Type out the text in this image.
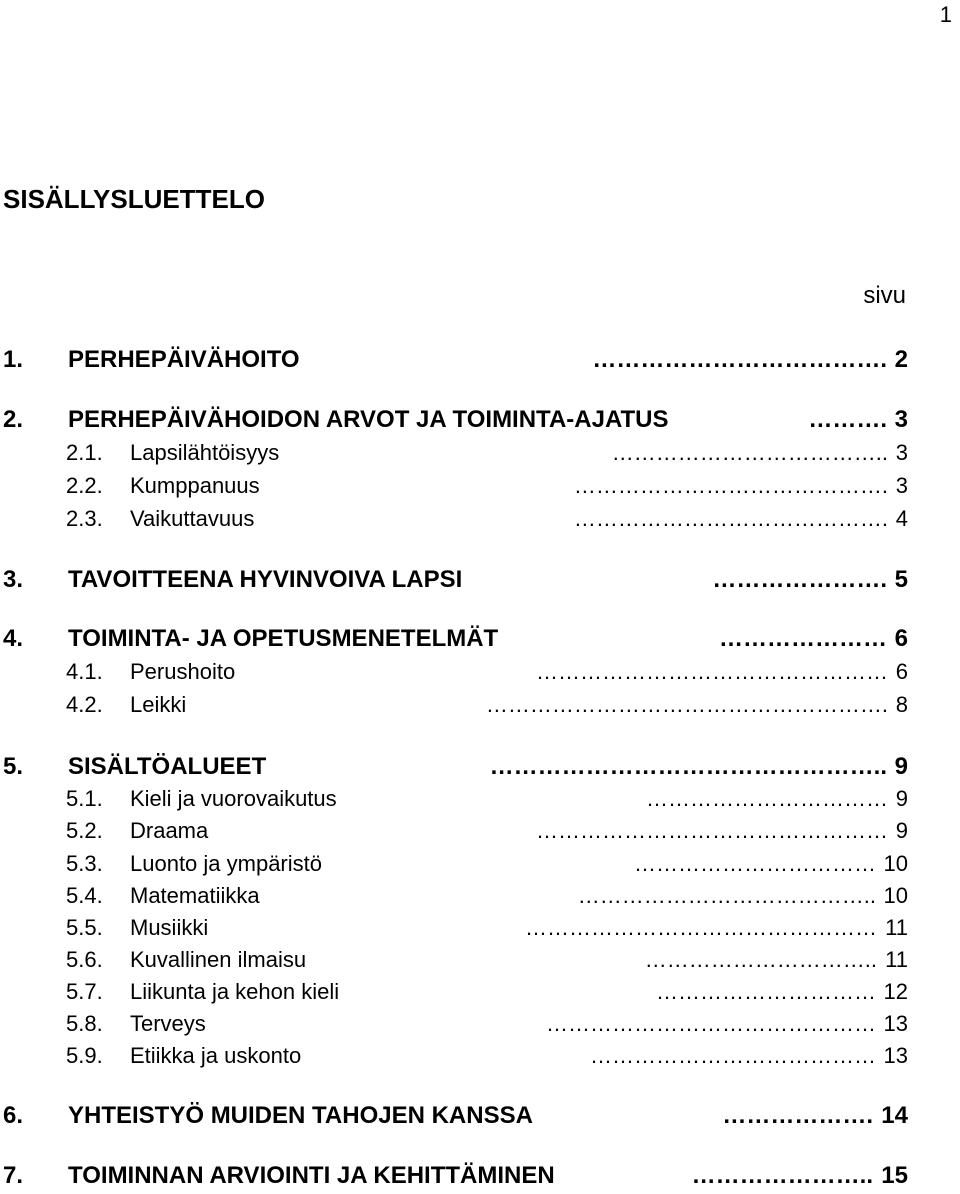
1
SISÄLLYSLUETTELO
sivu
1. PERHEPÄIVÄHOITO	………………………………. 2
2. PERHEPÄIVÄHOIDON ARVOT JA TOIMINTA-AJATUS	………. 3
2.1. Lapsilähtöisyys	……………………………….. 3
2.2. Kumppanuus	……………………………………. 3
2.3. Vaikuttavuus	……………………………………. 4
3. TAVOITTEENA HYVINVOIVA LAPSI	…………………. 5
4. TOIMINTA- JA OPETUSMENETELMÄT	………………… 6
4.1. Perushoito	………………………………………… 6
4.2. Leikki	………………………………………………. 8
5. SISÄLTÖALUEET	………………………………………….. 9
5.1. Kieli ja vuorovaikutus	…………………………… 9
5.2. Draama	………………………………………… 9
5.3. Luonto ja ympäristö	…………………………… 10
5.4. Matematiikka	………………………………….. 10
5.5. Musiikki	………………………………………… 11
5.6. Kuvallinen ilmaisu	………………………….. 11
5.7. Liikunta ja kehon kieli	………………………… 12
5.8. Terveys	……………………………………… 13
5.9. Etiikka ja uskonto	………………………………… 13
6. YHTEISTYÖ MUIDEN TAHOJEN KANSSA	………………. 14
7. TOIMINNAN ARVIOINTI JA KEHITTÄMINEN	………………….. 15
